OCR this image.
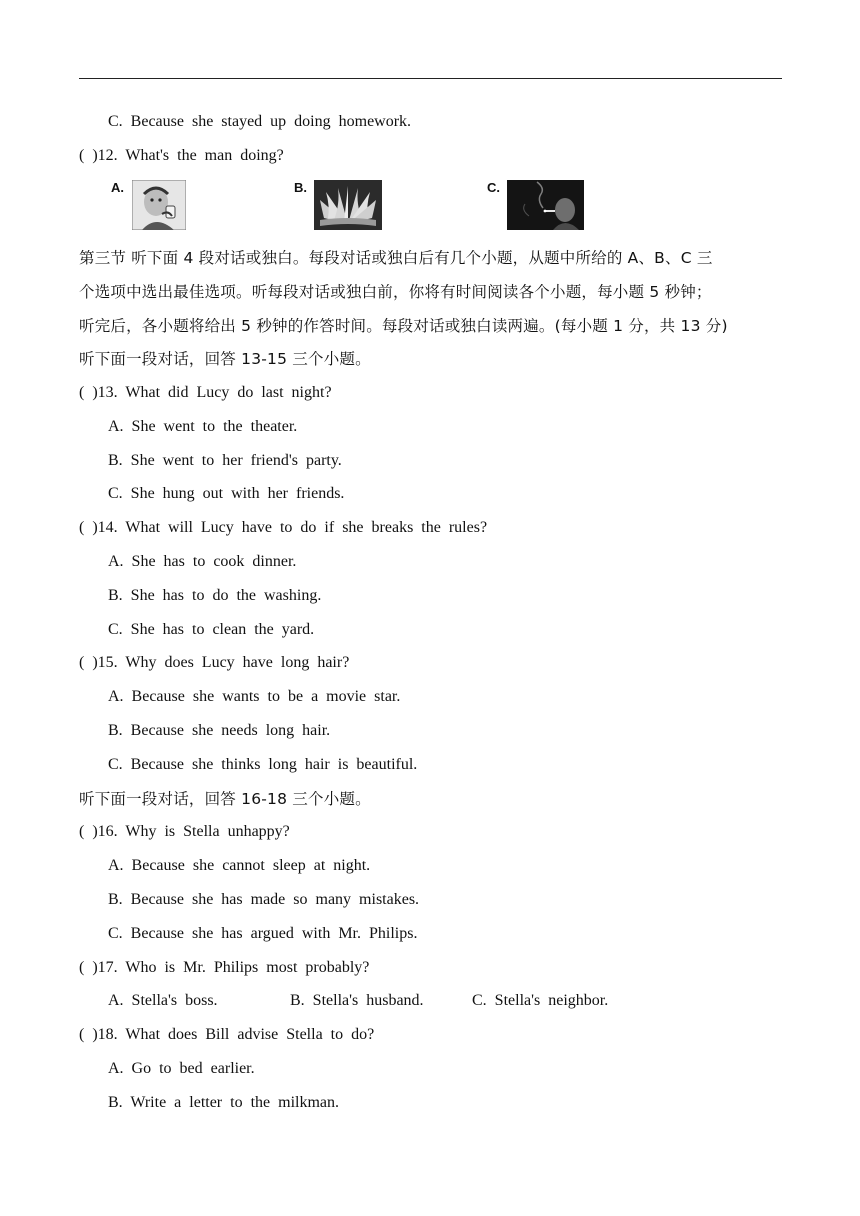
C. Because she stayed up doing homework.
( )12. What's the man doing?
A.	B.	C.
第三节 听下面 4 段对话或独白。每段对话或独白后有几个小题，从题中所给的 A、B、C 三
个选项中选出最佳选项。听每段对话或独白前，你将有时间阅读各个小题，每小题 5 秒钟；
听完后，各小题将给出 5 秒钟的作答时间。每段对话或独白读两遍。(每小题 1 分，共 13 分)
听下面一段对话，回答 13-15 三个小题。
( )13. What did Lucy do last night?
A. She went to the theater.
B. She went to her friend's party.
C. She hung out with her friends.
( )14. What will Lucy have to do if she breaks the rules?
A. She has to cook dinner.
B. She has to do the washing.
C. She has to clean the yard.
( )15. Why does Lucy have long hair?
A. Because she wants to be a movie star.
B. Because she needs long hair.
C. Because she thinks long hair is beautiful.
听下面一段对话，回答 16-18 三个小题。
( )16. Why is Stella unhappy?
A. Because she cannot sleep at night.
B. Because she has made so many mistakes.
C. Because she has argued with Mr. Philips.
( )17. Who is Mr. Philips most probably?
A. Stella's boss.	B. Stella's husband.	C. Stella's neighbor.
( )18. What does Bill advise Stella to do?
A. Go to bed earlier.
B. Write a letter to the milkman.
